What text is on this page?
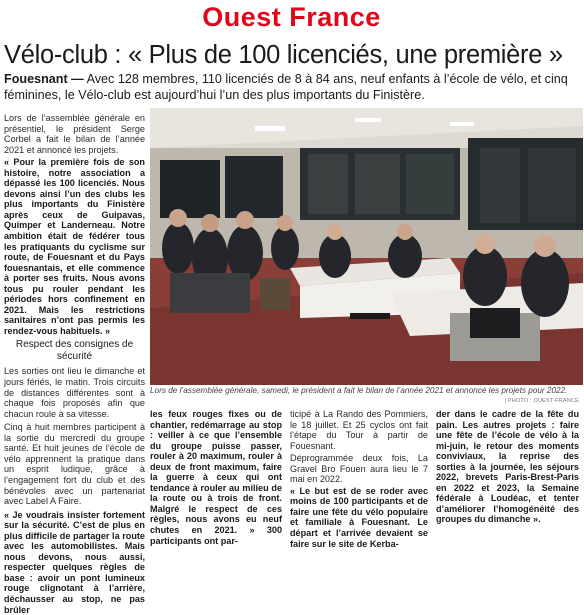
Ouest France
Vélo-club : « Plus de 100 licenciés, une première »
Fouesnant — Avec 128 membres, 110 licenciés de 8 à 84 ans, neuf enfants à l’école de vélo, et cinq féminines, le Vélo-club est aujourd’hui l’un des plus importants du Finistère.

Lors de l’assemblée générale en présentiel, le président Serge Corbel a fait le bilan de l’année 2021 et annoncé les projets.

« Pour la première fois de son histoire, notre association a dépassé les 100 licenciés. Nous devons ainsi l’un des clubs les plus importants du Finistère après ceux de Guipavas, Quimper et Landerneau. Notre ambition était de fédérer tous les pratiquants du cyclisme sur route, de Fouesnant et du Pays fouesnantais, et elle commence à porter ses fruits. Nous avons tous pu rouler pendant les périodes hors confinement en 2021. Mais les restrictions sanitaires n’ont pas permis les rendez-vous habituels. »

Respect des consignes de sécurité

Les sorties ont lieu le dimanche et jours fériés, le matin. Trois circuits de distances différentes sont à chaque fois proposés afin que chacun roule à sa vitesse.

Cinq à huit membres participent à la sortie du mercredi du groupe santé. Et huit jeunes de l’école de vélo apprennent la pratique dans un esprit ludique, grâce à l’engagement fort du club et des bénévoles avec un partenariat avec Label A Faire.

« Je voudrais insister fortement sur la sécurité. C’est de plus en plus difficile de partager la route avec les automobilistes. Mais nous devons, nous aussi, respecter quelques règles de base : avoir un pont lumineux rouge clignotant à l’arrière, déchausser au stop, ne pas brûler

Lors de l’assemblée générale, samedi, le président a fait le bilan de l’année 2021 et annoncé les projets pour 2022.
| PHOTO : OUEST-FRANCE

les feux rouges fixes ou de chantier, redémarrage au stop : veiller à ce que l’ensemble du groupe puisse passer, rouler à 20 maximum, rouler à deux de front maximum, faire la guerre à ceux qui ont tendance à rouler au milieu de la route ou à trois de front. Malgré le respect de ces règles, nous avons eu neuf chutes en 2021. » 300 participants ont par-

ticipé à La Rando des Pommiers, le 18 juillet. Et 25 cyclos ont fait l’étape du Tour à partir de Fouesnant.

Déprogrammée deux fois, La Gravel Bro Fouen aura lieu le 7 mai en 2022.

« Le but est de se roder avec moins de 100 participants et de faire une fête du vélo populaire et familiale à Fouesnant. Le départ et l’arrivée devaient se faire sur le site de Kerba-

der dans le cadre de la fête du pain. Les autres projets : faire une fête de l’école de vélo à la mi-juin, le retour des moments conviviaux, la reprise des sorties à la journée, les séjours 2022, brevets Paris-Brest-Paris en 2022 et 2023, la Semaine fédérale à Loudéac, et tenter d’améliorer l’homogénéité des groupes du dimanche ».
